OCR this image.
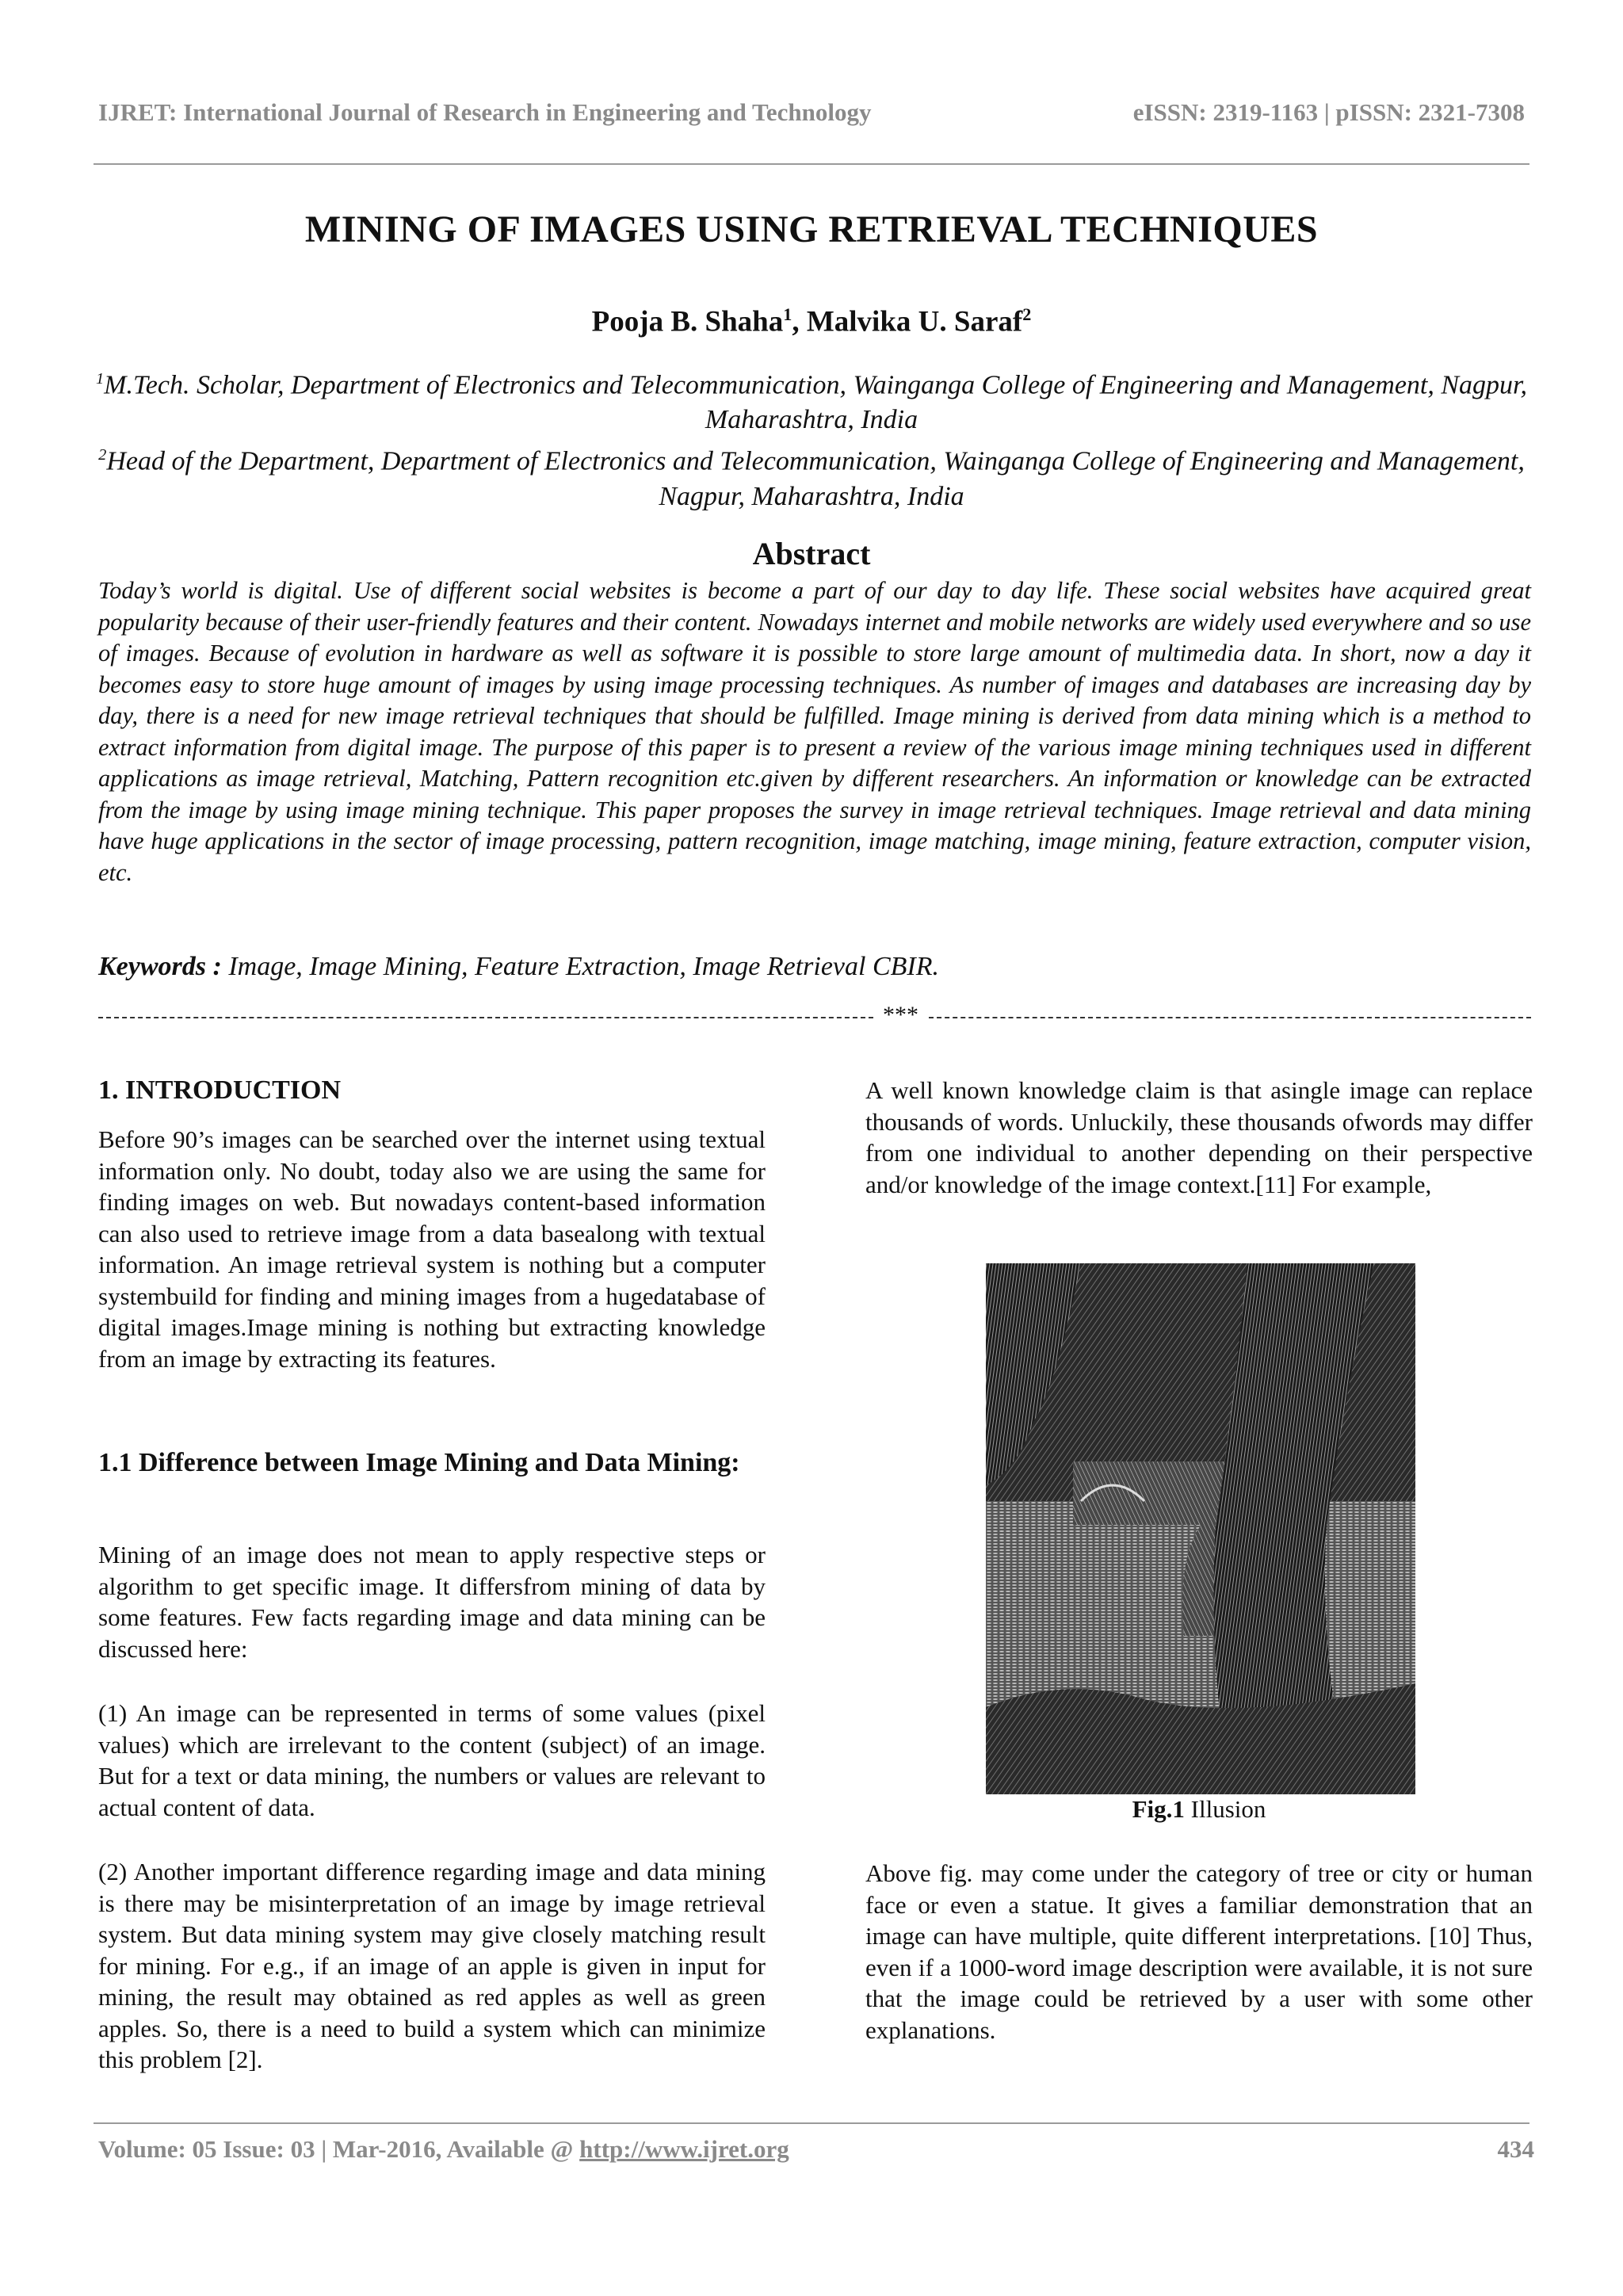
IJRET: International Journal of Research in Engineering and Technology	eISSN: 2319-1163 | pISSN: 2321-7308
MINING OF IMAGES USING RETRIEVAL TECHNIQUES
Pooja B. Shaha$^1$, Malvika U. Saraf$^2$
$^1$M.Tech. Scholar, Department of Electronics and Telecommunication, Wainganga College of Engineering and Management, Nagpur, Maharashtra, India
$^2$Head of the Department, Department of Electronics and Telecommunication, Wainganga College of Engineering and Management, Nagpur, Maharashtra, India
Abstract
Today’s world is digital. Use of different social websites is become a part of our day to day life. These social websites have acquired great popularity because of their user-friendly features and their content. Nowadays internet and mobile networks are widely used everywhere and so use of images. Because of evolution in hardware as well as software it is possible to store large amount of multimedia data. In short, now a day it becomes easy to store huge amount of images by using image processing techniques. As number of images and databases are increasing day by day, there is a need for new image retrieval techniques that should be fulfilled. Image mining is derived from data mining which is a method to extract information from digital image. The purpose of this paper is to present a review of the various image mining techniques used in different applications as image retrieval, Matching, Pattern recognition etc.given by different researchers. An information or knowledge can be extracted from the image by using image mining technique. This paper proposes the survey in image retrieval techniques. Image retrieval and data mining have huge applications in the sector of image processing, pattern recognition, image matching, image mining, feature extraction, computer vision, etc.
Keywords : Image, Image Mining, Feature Extraction, Image Retrieval CBIR.
***
1. INTRODUCTION
Before 90’s images can be searched over the internet using textual information only. No doubt, today also we are using the same for finding images on web. But nowadays content-based information can also used to retrieve image from a data basealong with textual information. An image retrieval system is nothing but a computer systembuild for finding and mining images from a hugedatabase of digital images.Image mining is nothing but extracting knowledge from an image by extracting its features.
1.1 Difference between Image Mining and Data Mining:
Mining of an image does not mean to apply respective steps or algorithm to get specific image. It differsfrom mining of data by some features. Few facts regarding image and data mining can be discussed here:
(1) An image can be represented in terms of some values (pixel values) which are irrelevant to the content (subject) of an image. But for a text or data mining, the numbers or values are relevant to actual content of data.
(2) Another important difference regarding image and data mining is there may be misinterpretation of an image by image retrieval system. But data mining system may give closely matching result for mining. For e.g., if an image of an apple is given in input for mining, the result may obtained as red apples as well as green apples. So, there is a need to build a system which can minimize this problem [2].
A well known knowledge claim is that asingle image can replace thousands of words. Unluckily, these thousands ofwords may differ from one individual to another depending on their perspective and/or knowledge of the image context.[11] For example,
Fig.1 Illusion
Above fig. may come under the category of tree or city or human face or even a statue. It gives a familiar demonstration that an image can have multiple, quite different interpretations. [10] Thus, even if a 1000-word image description were available, it is not sure that the image could be retrieved by a user with some other explanations.
Volume: 05 Issue: 03 | Mar-2016, Available @ http://www.ijret.org	434
